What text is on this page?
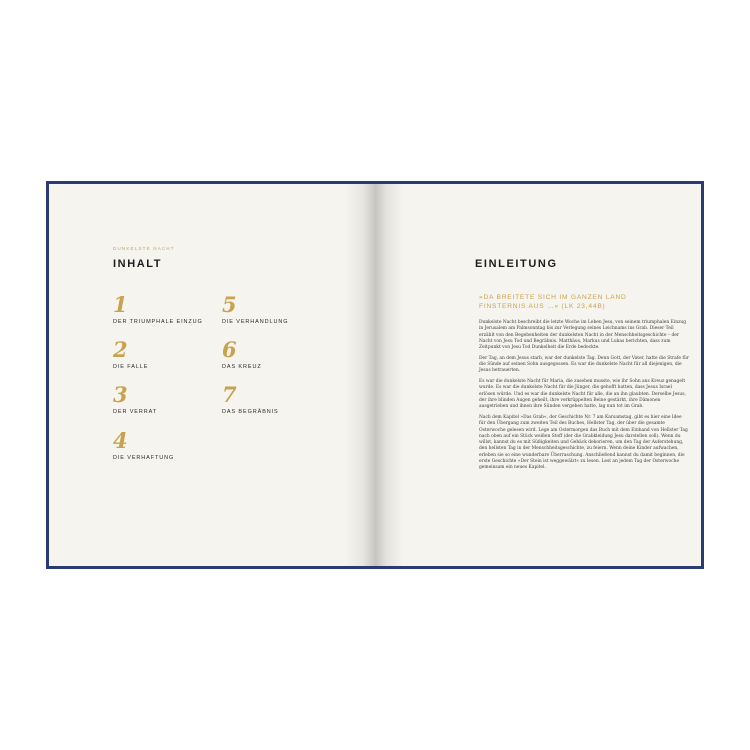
DUNKELSTE NACHT
INHALT
1
DER TRIUMPHALE EINZUG
2
DIE FALLE
3
DER VERRAT
4
DIE VERHAFTUNG
5
DIE VERHANDLUNG
6
DAS KREUZ
7
DAS BEGRÄBNIS
EINLEITUNG
»DA BREITETE SICH IM GANZEN LAND FINSTERNIS AUS …« (LK 23,44B)

Dunkelste Nacht beschreibt die letzte Woche im Leben Jesu, von seinem triumphalen Einzug in Jerusalem am Palmsonntag bis zur Verlegung seines Leichnams ins Grab. Dieser Teil erzählt von den Begebenheiten der dunkelsten Nacht in der Menschheitsgeschichte – der Nacht von Jesu Tod und Begräbnis. Matthäus, Markus und Lukas berichten, dass zum Zeitpunkt von Jesu Tod Dunkelheit die Erde bedeckte.

Der Tag, an dem Jesus starb, war der dunkelste Tag. Denn Gott, der Vater, hatte die Strafe für die Sünde auf seinen Sohn ausgegossen. Es war die dunkelste Nacht für all diejenigen, die Jesus betrauerten.

Es war die dunkelste Nacht für Maria, die zusehen musste, wie ihr Sohn ans Kreuz genagelt wurde. Es war die dunkelste Nacht für die Jünger, die gehofft hatten, dass Jesus Israel erlösen würde. Und es war die dunkelste Nacht für alle, die an ihn glaubten. Derselbe Jesus, der ihre blinden Augen geheilt, ihre verkrüppelten Beine gestärkt, ihre Dämonen ausgetrieben und ihnen ihre Sünden vergeben hatte, lag nun tot im Grab.

Nach dem Kapitel »Das Grab«, der Geschichte Nr. 7 am Karsamstag, gibt es hier eine Idee für den Übergang zum zweiten Teil des Buches, Hellster Tag, der über die gesamte Osterwoche gelesen wird. Lege am Ostermorgen das Buch mit dem Einband von Hellster Tag nach oben auf ein Stück weißen Stoff (der die Grabkleidung Jesu darstellen soll). Wenn du willst, kannst du es mit Süßigkeiten und Gebäck dekorieren, um den Tag der Auferstehung, den hellsten Tag in der Menschheitsgeschichte, zu feiern. Wenn deine Kinder aufwachen, erleben sie so eine wunderbare Überraschung. Anschließend kannst du damit beginnen, die erste Geschichte »Der Stein ist weggewälzt« zu lesen. Lest an jedem Tag der Osterwoche gemeinsam ein neues Kapitel.
